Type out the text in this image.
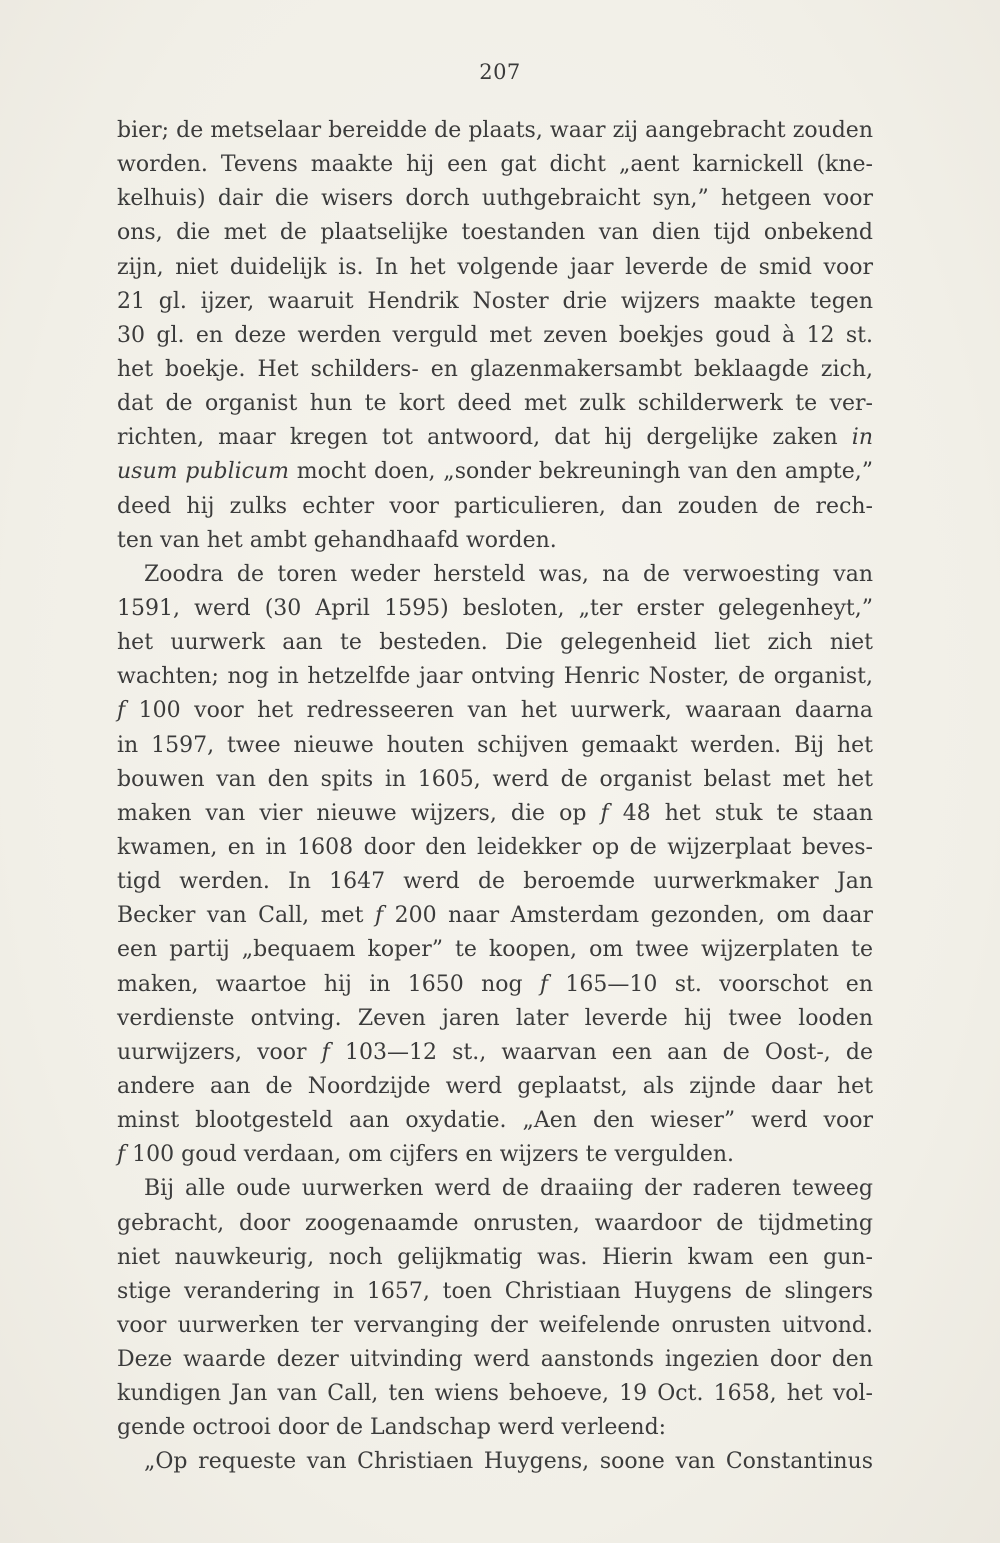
207
bier; de metselaar bereidde de plaats, waar zij aangebracht zouden
worden. Tevens maakte hij een gat dicht „aent karnickell (kne-
kelhuis) dair die wisers dorch uuthgebraicht syn,” hetgeen voor
ons, die met de plaatselijke toestanden van dien tijd onbekend
zijn, niet duidelijk is. In het volgende jaar leverde de smid voor
21 gl. ijzer, waaruit Hendrik Noster drie wijzers maakte tegen
30 gl. en deze werden verguld met zeven boekjes goud à 12 st.
het boekje. Het schilders- en glazenmakersambt beklaagde zich,
dat de organist hun te kort deed met zulk schilderwerk te ver-
richten, maar kregen tot antwoord, dat hij dergelijke zaken in
usum publicum mocht doen, „sonder bekreuningh van den ampte,”
deed hij zulks echter voor particulieren, dan zouden de rech-
ten van het ambt gehandhaafd worden.
Zoodra de toren weder hersteld was, na de verwoesting van
1591, werd (30 April 1595) besloten, „ter erster gelegenheyt,”
het uurwerk aan te besteden. Die gelegenheid liet zich niet
wachten; nog in hetzelfde jaar ontving Henric Noster, de organist,
f 100 voor het redresseeren van het uurwerk, waaraan daarna
in 1597, twee nieuwe houten schijven gemaakt werden. Bij het
bouwen van den spits in 1605, werd de organist belast met het
maken van vier nieuwe wijzers, die op f 48 het stuk te staan
kwamen, en in 1608 door den leidekker op de wijzerplaat beves-
tigd werden. In 1647 werd de beroemde uurwerkmaker Jan
Becker van Call, met f 200 naar Amsterdam gezonden, om daar
een partij „bequaem koper” te koopen, om twee wijzerplaten te
maken, waartoe hij in 1650 nog f 165—10 st. voorschot en
verdienste ontving. Zeven jaren later leverde hij twee looden
uurwijzers, voor f 103—12 st., waarvan een aan de Oost-, de
andere aan de Noordzijde werd geplaatst, als zijnde daar het
minst blootgesteld aan oxydatie. „Aen den wieser” werd voor
f 100 goud verdaan, om cijfers en wijzers te vergulden.
Bij alle oude uurwerken werd de draaiing der raderen teweeg
gebracht, door zoogenaamde onrusten, waardoor de tijdmeting
niet nauwkeurig, noch gelijkmatig was. Hierin kwam een gun-
stige verandering in 1657, toen Christiaan Huygens de slingers
voor uurwerken ter vervanging der weifelende onrusten uitvond.
Deze waarde dezer uitvinding werd aanstonds ingezien door den
kundigen Jan van Call, ten wiens behoeve, 19 Oct. 1658, het vol-
gende octrooi door de Landschap werd verleend:
„Op requeste van Christiaen Huygens, soone van Constantinus
